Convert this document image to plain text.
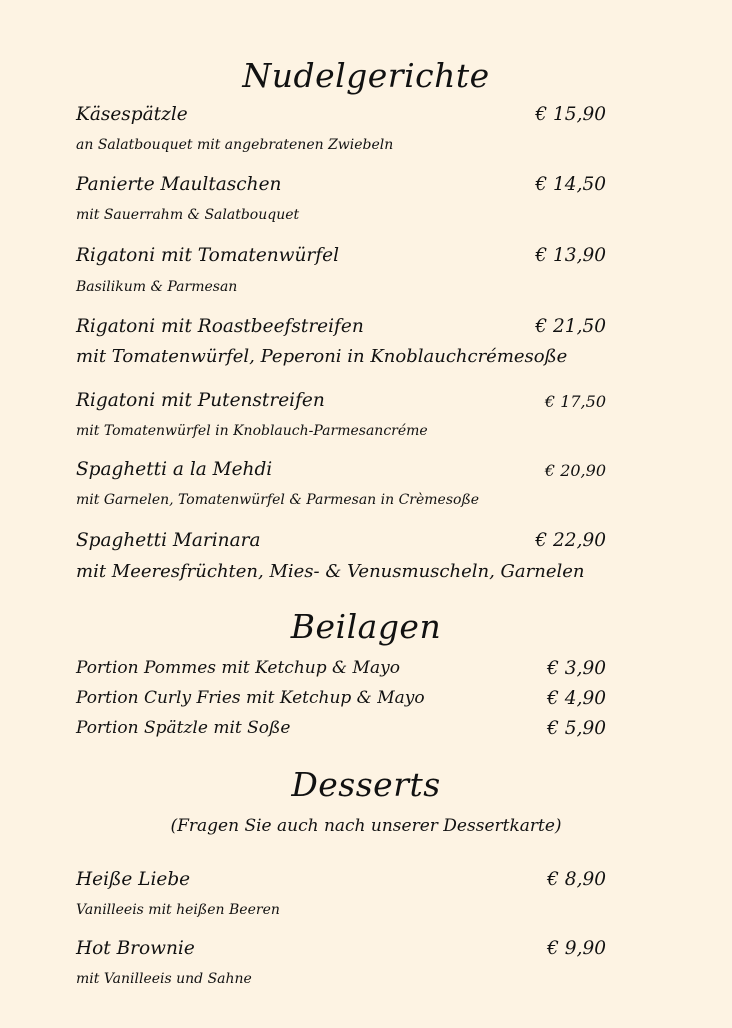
Nudelgerichte
Käsespätzle	€ 15,90
an Salatbouquet mit angebratenen Zwiebeln
Panierte Maultaschen	€ 14,50
mit Sauerrahm & Salatbouquet
Rigatoni mit Tomatenwürfel	€ 13,90
Basilikum & Parmesan
Rigatoni mit Roastbeefstreifen	€ 21,50
mit Tomatenwürfel, Peperoni in Knoblauchcrémesoße
Rigatoni mit Putenstreifen	€ 17,50
mit Tomatenwürfel in Knoblauch-Parmesancréme
Spaghetti a la Mehdi	€ 20,90
mit Garnelen, Tomatenwürfel & Parmesan in Crèmesoße
Spaghetti Marinara	€ 22,90
mit Meeresfrüchten, Mies- & Venusmuscheln, Garnelen
Beilagen
Portion Pommes mit Ketchup & Mayo	€ 3,90
Portion Curly Fries mit Ketchup & Mayo	€ 4,90
Portion Spätzle mit Soße	€ 5,90
Desserts
(Fragen Sie auch nach unserer Dessertkarte)
Heiße Liebe	€ 8,90
Vanilleeis mit heißen Beeren
Hot Brownie	€ 9,90
mit Vanilleeis und Sahne
